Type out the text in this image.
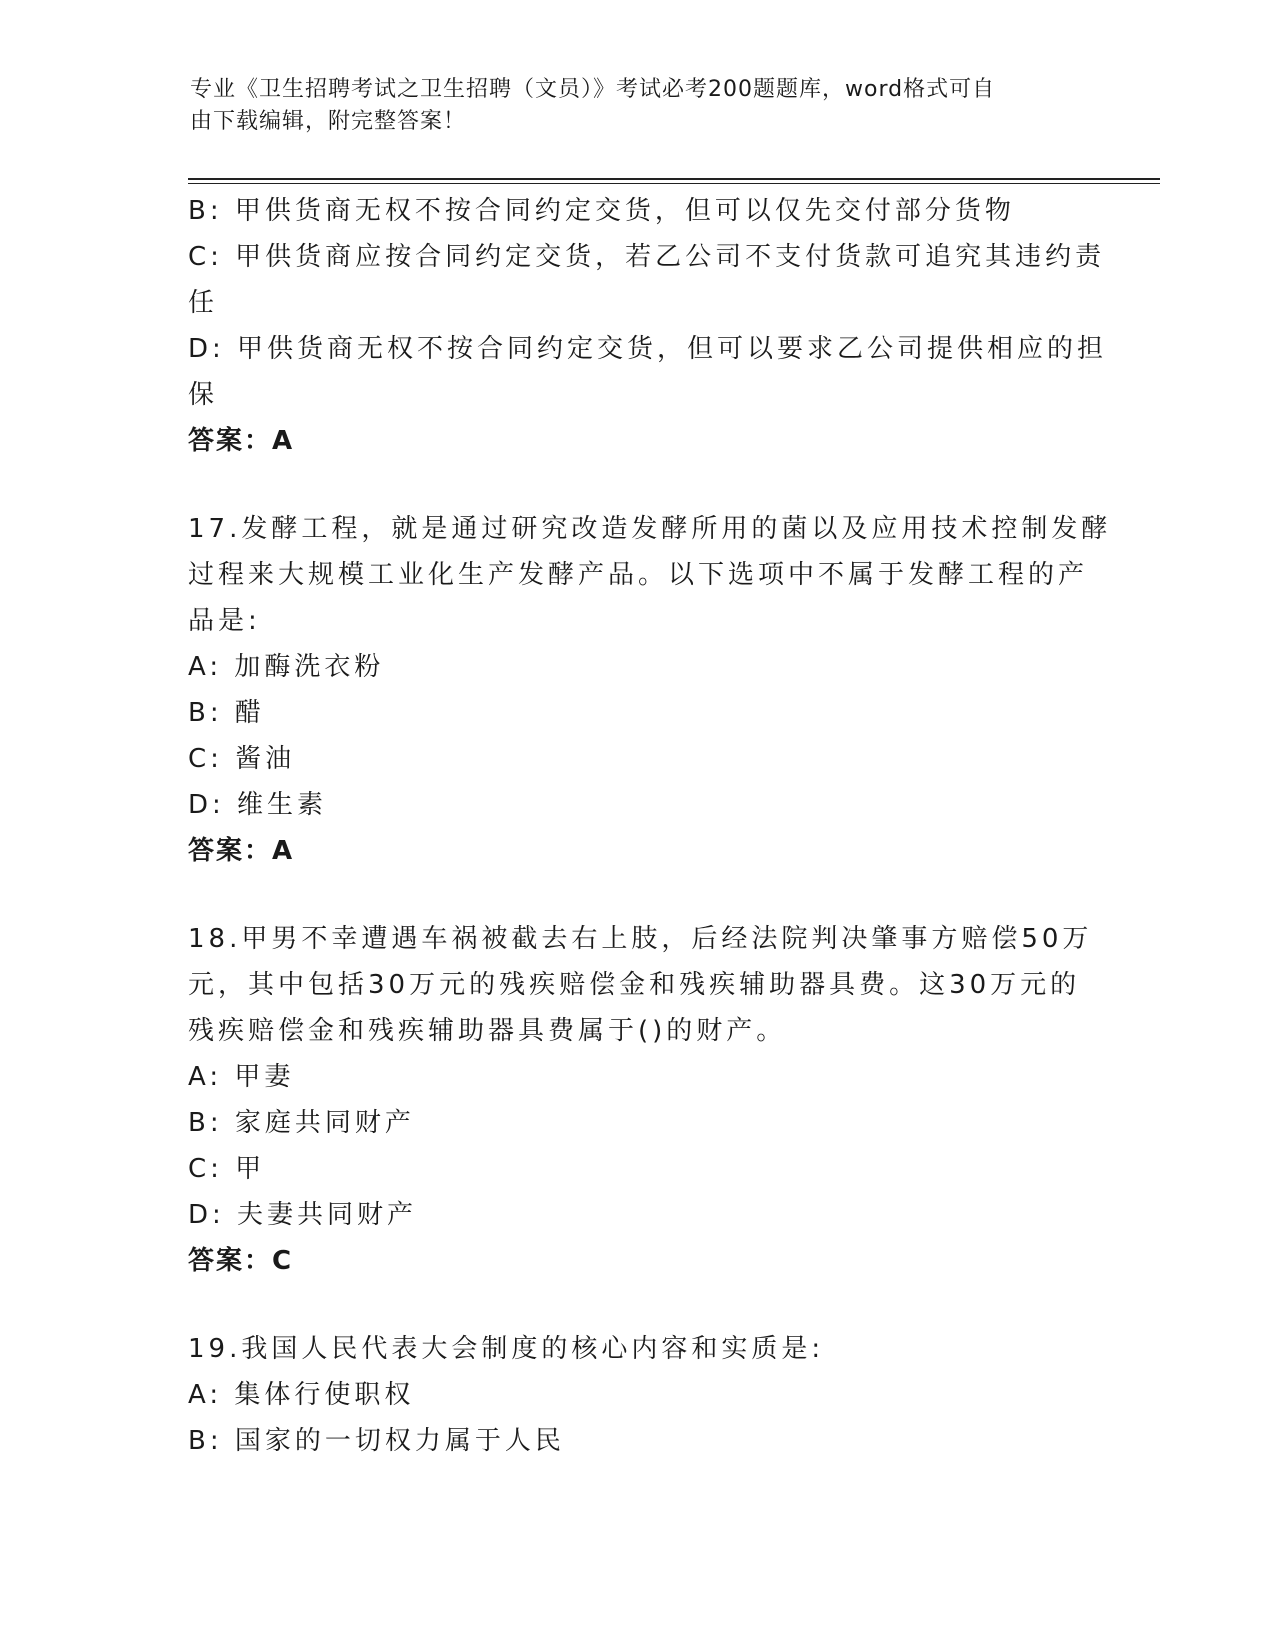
专业《卫生招聘考试之卫生招聘（文员）》考试必考200题题库，word格式可自
由下载编辑，附完整答案！
B: 甲供货商无权不按合同约定交货，但可以仅先交付部分货物
C: 甲供货商应按合同约定交货，若乙公司不支付货款可追究其违约责
任
D: 甲供货商无权不按合同约定交货，但可以要求乙公司提供相应的担
保
答案：A
17.发酵工程，就是通过研究改造发酵所用的菌以及应用技术控制发酵
过程来大规模工业化生产发酵产品。以下选项中不属于发酵工程的产
品是:
A: 加酶洗衣粉
B: 醋
C: 酱油
D: 维生素
答案：A
18.甲男不幸遭遇车祸被截去右上肢，后经法院判决肇事方赔偿50万
元，其中包括30万元的残疾赔偿金和残疾辅助器具费。这30万元的
残疾赔偿金和残疾辅助器具费属于()的财产。
A: 甲妻
B: 家庭共同财产
C: 甲
D: 夫妻共同财产
答案：C
19.我国人民代表大会制度的核心内容和实质是:
A: 集体行使职权
B: 国家的一切权力属于人民
